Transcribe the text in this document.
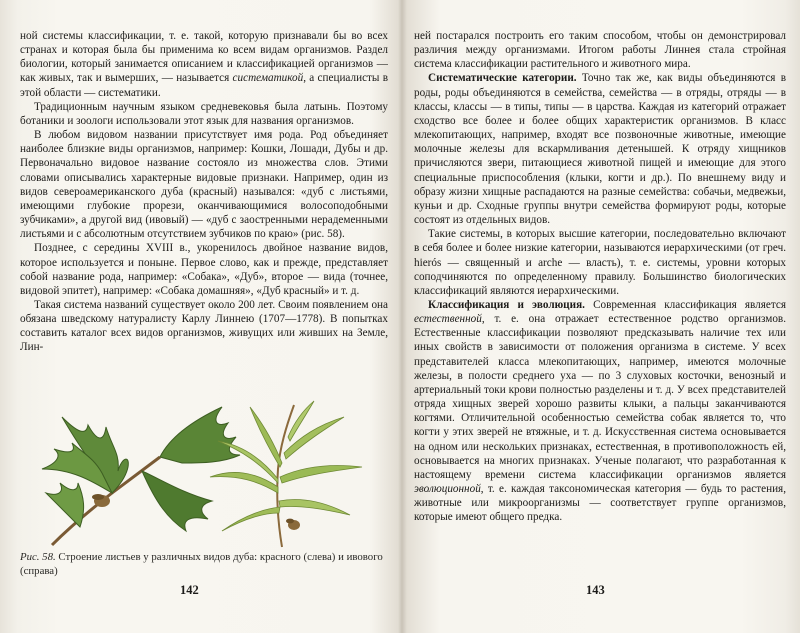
ной системы классификации, т. е. такой, которую признавали бы во всех странах и которая была бы применима ко всем видам организмов. Раздел биологии, который занимается описанием и классификацией организмов — как живых, так и вымерших, — называется систематикой, а специалисты в этой области — систематики.

Традиционным научным языком средневековья была латынь. Поэтому ботаники и зоологи использовали этот язык для названия организмов.

В любом видовом названии присутствует имя рода. Род объединяет наиболее близкие виды организмов, например: Кошки, Лошади, Дубы и др. Первоначально видовое название состояло из множества слов. Этими словами описывались характерные видовые признаки. Например, один из видов североамериканского дуба (красный) назывался: «дуб с листьями, имеющими глубокие прорези, оканчивающимися волосоподобными зубчиками», а другой вид (ивовый) — «дуб с заостренными нерадеменными листьями и с абсолютным отсутствием зубчиков по краю» (рис. 58).

Позднее, с середины XVIII в., укоренилось двойное название видов, которое используется и поныне. Первое слово, как и прежде, представляет собой название рода, например: «Собака», «Дуб», второе — вида (точнее, видовой эпитет), например: «Собака домашняя», «Дуб красный» и т. д.

Такая система названий существует около 200 лет. Своим появлением она обязана шведскому натуралисту Карлу Линнею (1707—1778). В попытках составить каталог всех видов организмов, живущих или живших на Земле, Лин-

Рис. 58. Строение листьев у различных видов дуба: красного (слева) и ивового (справа)
142

ней постарался построить его таким способом, чтобы он демонстрировал различия между организмами. Итогом работы Линнея стала стройная система классификации растительного и животного мира.

Систематические категории. Точно так же, как виды объединяются в роды, роды объединяются в семейства, семейства — в отряды, отряды — в классы, классы — в типы, типы — в царства. Каждая из категорий отражает сходство все более и более общих характеристик организмов. В класс млекопитающих, например, входят все позвоночные животные, имеющие молочные железы для вскармливания детенышей. К отряду хищников причисляются звери, питающиеся животной пищей и имеющие для этого специальные приспособления (клыки, когти и др.). По внешнему виду и образу жизни хищные распадаются на разные семейства: собачьи, медвежьи, куньи и др. Сходные группы внутри семейства формируют роды, которые состоят из отдельных видов.

Такие системы, в которых высшие категории, последовательно включают в себя более и более низкие категории, называются иерархическими (от греч. hierós — священный и arche — власть), т. е. системы, уровни которых соподчиняются по определенному правилу. Большинство биологических классификаций являются иерархическими.

Классификация и эволюция. Современная классификация является естественной, т. е. она отражает естественное родство организмов. Естественные классификации позволяют предсказывать наличие тех или иных свойств в зависимости от положения организма в системе. У всех представителей класса млекопитающих, например, имеются молочные железы, в полости среднего уха — по 3 слуховых косточки, венозный и артериальный токи крови полностью разделены и т. д. У всех представителей отряда хищных зверей хорошо развиты клыки, а пальцы заканчиваются когтями. Отличительной особенностью семейства собак является то, что когти у этих зверей не втяжные, и т. д. Искусственная система основывается на одном или нескольких признаках, естественная, в противоположность ей, основывается на многих признаках. Ученые полагают, что разработанная к настоящему времени система классификации организмов является эволюционной, т. е. каждая таксономическая категория — будь то растения, животные или микроорганизмы — соответствует группе организмов, которые имеют общего предка.

143
